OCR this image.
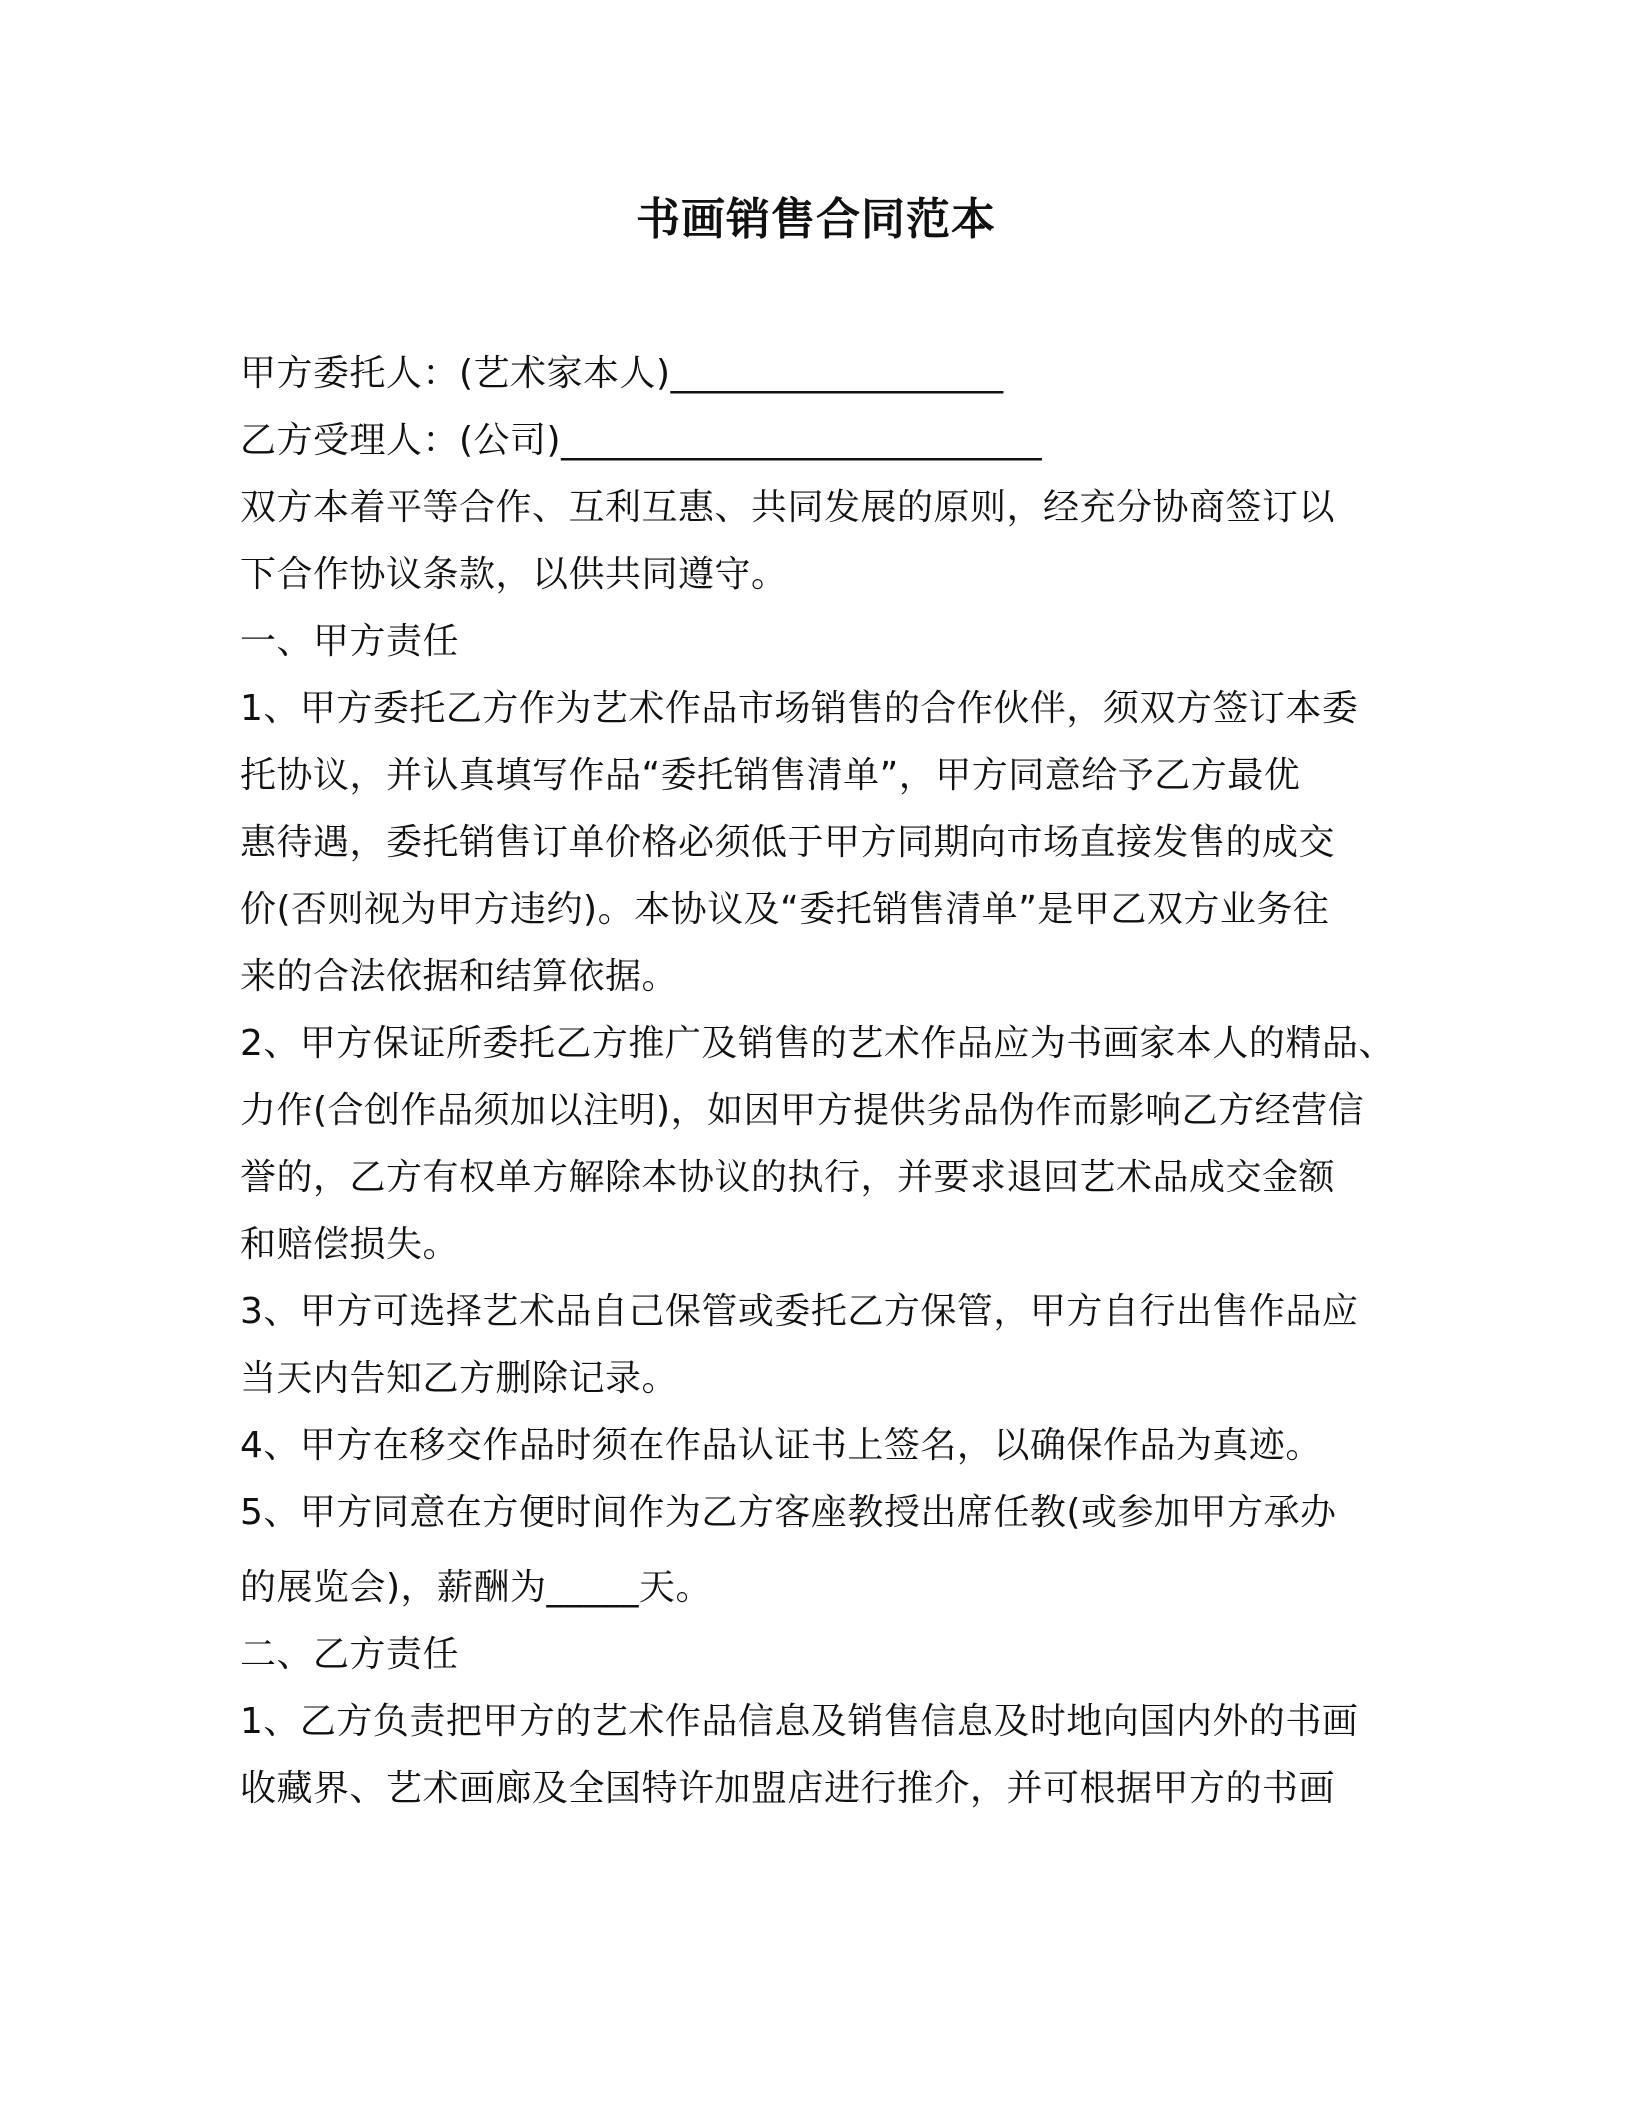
书画销售合同范本
甲方委托人：(艺术家本人)__________________
乙方受理人：(公司)__________________________
双方本着平等合作、互利互惠、共同发展的原则，经充分协商签订以
下合作协议条款，以供共同遵守。
一、甲方责任
1、甲方委托乙方作为艺术作品市场销售的合作伙伴，须双方签订本委
托协议，并认真填写作品“委托销售清单”，甲方同意给予乙方最优
惠待遇，委托销售订单价格必须低于甲方同期向市场直接发售的成交
价(否则视为甲方违约)。本协议及“委托销售清单”是甲乙双方业务往
来的合法依据和结算依据。
2、甲方保证所委托乙方推广及销售的艺术作品应为书画家本人的精品、
力作(合创作品须加以注明)，如因甲方提供劣品伪作而影响乙方经营信
誉的，乙方有权单方解除本协议的执行，并要求退回艺术品成交金额
和赔偿损失。
3、甲方可选择艺术品自己保管或委托乙方保管，甲方自行出售作品应
当天内告知乙方删除记录。
4、甲方在移交作品时须在作品认证书上签名，以确保作品为真迹。
5、甲方同意在方便时间作为乙方客座教授出席任教(或参加甲方承办
的展览会)，薪酬为_____天。
二、乙方责任
1、乙方负责把甲方的艺术作品信息及销售信息及时地向国内外的书画
收藏界、艺术画廊及全国特许加盟店进行推介，并可根据甲方的书画
